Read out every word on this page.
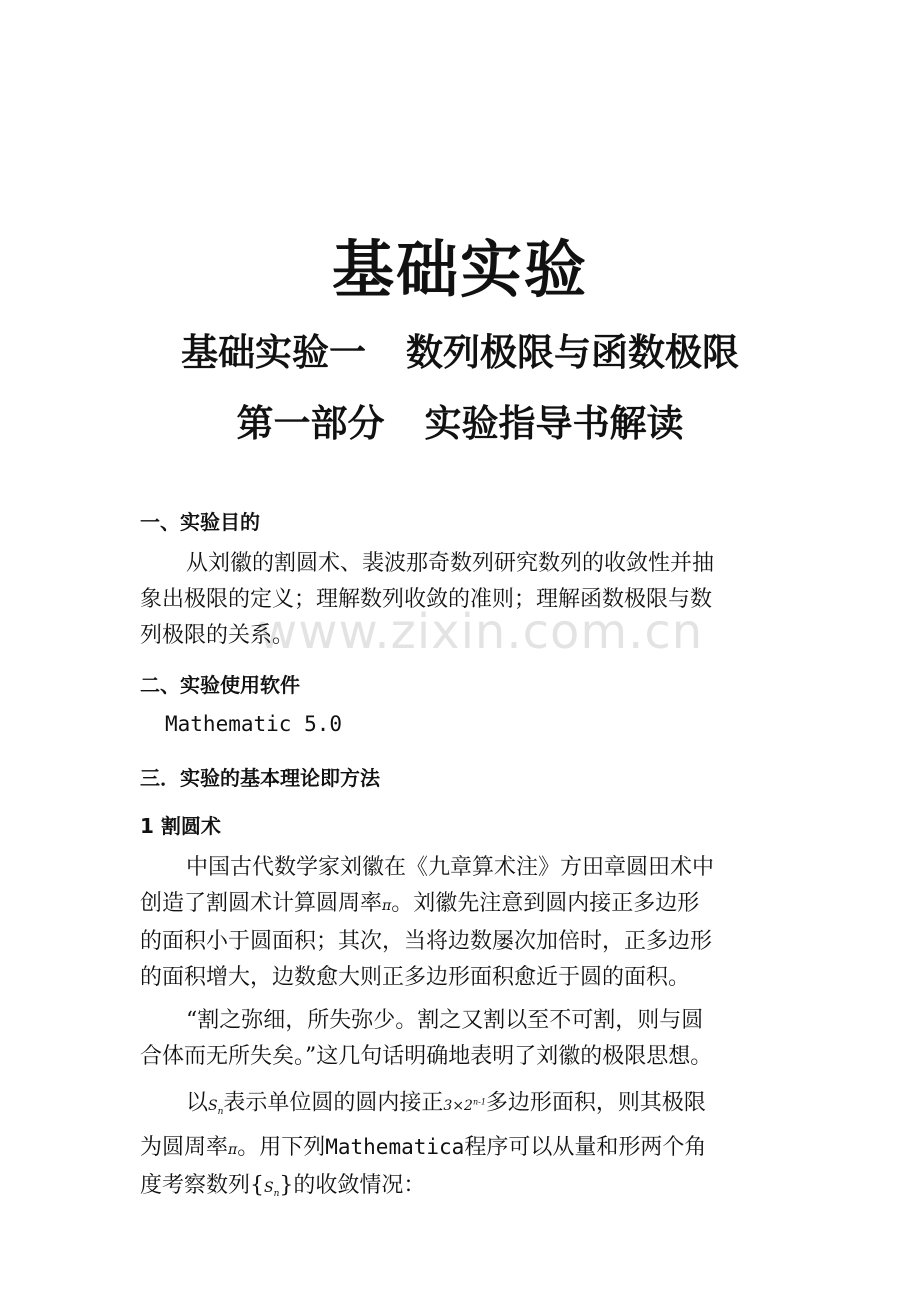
www.zixin.com.cn
基础实验
基础实验一 数列极限与函数极限
第一部分 实验指导书解读
一、实验目的
从刘徽的割圆术、裴波那奇数列研究数列的收敛性并抽
象出极限的定义；理解数列收敛的准则；理解函数极限与数
列极限的关系。
二、实验使用软件
Mathematic 5.0
三．实验的基本理论即方法
1 割圆术
中国古代数学家刘徽在《九章算术注》方田章圆田术中
创造了割圆术计算圆周率π。刘徽先注意到圆内接正多边形
的面积小于圆面积；其次，当将边数屡次加倍时，正多边形
的面积增大，边数愈大则正多边形面积愈近于圆的面积。
“割之弥细，所失弥少。割之又割以至不可割，则与圆
合体而无所失矣。”这几句话明确地表明了刘徽的极限思想。
以$S_n$表示单位圆的圆内接正$3\times 2^{n-1}$多边形面积，则其极限
为圆周率π。用下列Mathematica程序可以从量和形两个角
度考察数列$\{S_n\}$的收敛情况：
